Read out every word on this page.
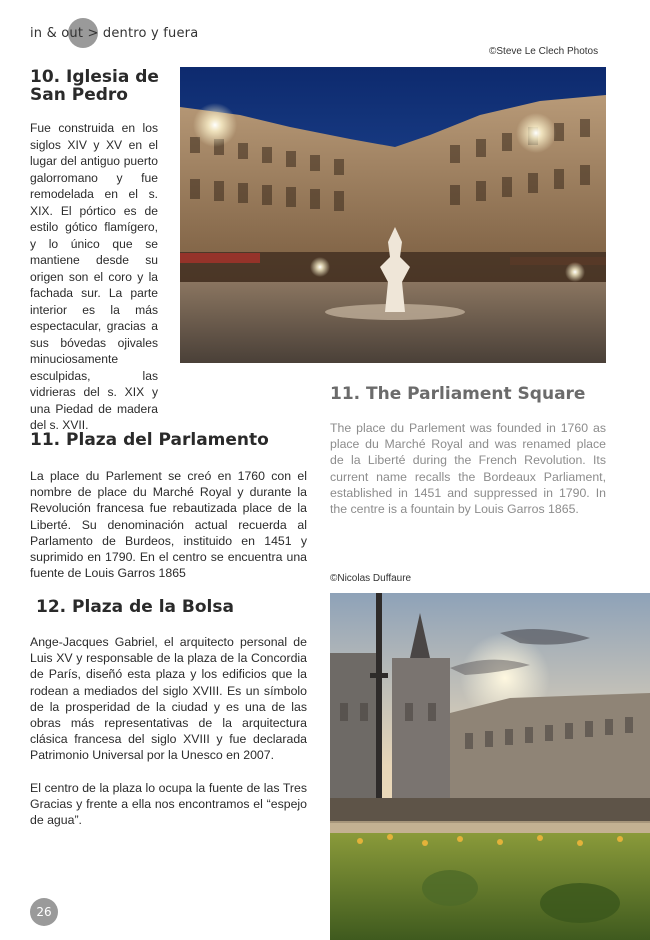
in & out > dentro y fuera
©Steve Le Clech Photos
10. Iglesia de
San Pedro
Fue construida en los siglos XIV y XV en el lugar del antiguo puerto galorromano y fue remodelada en el s. XIX. El pórtico es de estilo gótico flamígero, y lo único que se mantiene desde su origen son el coro y la fachada sur. La parte interior es la más espectacular, gracias a sus bóvedas ojivales minuciosamente esculpidas, las vidrieras del s. XIX y una Piedad de madera del s. XVII.
11. Plaza del Parlamento
La place du Parlement se creó en 1760 con el nombre de place du Marché Royal y durante la Revolución francesa fue rebautizada place de la Liberté. Su denominación actual recuerda al Parlamento de Burdeos, instituido en 1451 y suprimido en 1790. En el centro se encuentra una fuente de Louis Garros 1865
11. The Parliament Square
The place du Parlement was founded in 1760 as place du Marché Royal and was renamed place de la Liberté during the French Revolution. Its current name recalls the Bordeaux Parliament, established in 1451 and suppressed in 1790. In the centre is a fountain by Louis Garros 1865.
©Nicolas Duffaure
12. Plaza de la Bolsa

Ange-Jacques Gabriel, el arquitecto personal de Luis XV y responsable de la plaza de la Concordia de París, diseñó esta plaza y los edificios que la rodean a mediados del siglo XVIII. Es un símbolo de la prosperidad de la ciudad y es una de las obras más representativas de la arquitectura clásica francesa del siglo XVIII y fue declarada Patrimonio Universal por la Unesco en 2007.

El centro de la plaza lo ocupa la fuente de las Tres Gracias y frente a ella nos encontramos el “espejo de agua”.

26
